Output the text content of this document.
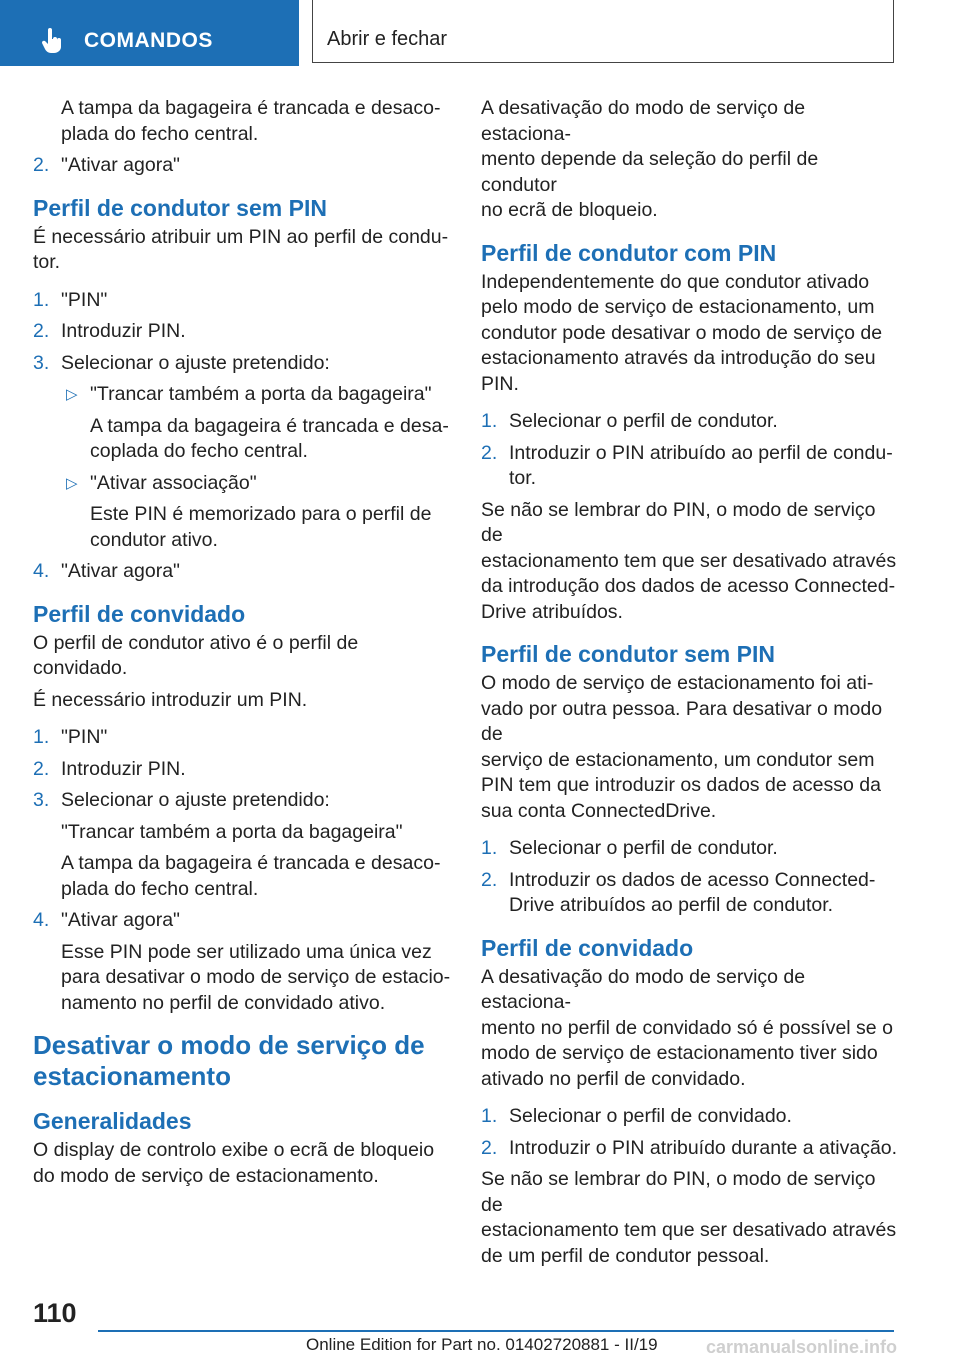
COMANDOS	Abrir e fechar

A tampa da bagageira é trancada e desaco‐

plada do fecho central.

2. "Ativar agora"
Perfil de condutor sem PIN

É necessário atribuir um PIN ao perfil de condu‐

tor.

1. "PIN"
2. Introduzir PIN.
3. Selecionar o ajuste pretendido:
▷ "Trancar também a porta da bagageira"

A tampa da bagageira é trancada e desa‐

coplada do fecho central.

▷ "Ativar associação"

Este PIN é memorizado para o perfil de

condutor ativo.

4. "Ativar agora"
Perfil de convidado

O perfil de condutor ativo é o perfil de convidado.

É necessário introduzir um PIN.

1. "PIN"
2. Introduzir PIN.
3. Selecionar o ajuste pretendido:

"Trancar também a porta da bagageira"

A tampa da bagageira é trancada e desaco‐

plada do fecho central.

4. "Ativar agora"

Esse PIN pode ser utilizado uma única vez

para desativar o modo de serviço de estacio‐

namento no perfil de convidado ativo.

Desativar o modo de serviço de
estacionamento
Generalidades

O display de controlo exibe o ecrã de bloqueio

do modo de serviço de estacionamento.

A desativação do modo de serviço de estaciona‐

mento depende da seleção do perfil de condutor

no ecrã de bloqueio.

Perfil de condutor com PIN

Independentemente do que condutor ativado

pelo modo de serviço de estacionamento, um

condutor pode desativar o modo de serviço de

estacionamento através da introdução do seu

PIN.

1. Selecionar o perfil de condutor.
2. Introduzir o PIN atribuído ao perfil de condu‐

tor.

Se não se lembrar do PIN, o modo de serviço de

estacionamento tem que ser desativado através

da introdução dos dados de acesso Connected‐

Drive atribuídos.

Perfil de condutor sem PIN

O modo de serviço de estacionamento foi ati‐

vado por outra pessoa. Para desativar o modo de

serviço de estacionamento, um condutor sem

PIN tem que introduzir os dados de acesso da

sua conta ConnectedDrive.

1. Selecionar o perfil de condutor.
2. Introduzir os dados de acesso Connected‐

Drive atribuídos ao perfil de condutor.

Perfil de convidado

A desativação do modo de serviço de estaciona‐

mento no perfil de convidado só é possível se o

modo de serviço de estacionamento tiver sido

ativado no perfil de convidado.

1. Selecionar o perfil de convidado.
2. Introduzir o PIN atribuído durante a ativação.

Se não se lembrar do PIN, o modo de serviço de

estacionamento tem que ser desativado através

de um perfil de condutor pessoal.

110
Online Edition for Part no. 01402720881 - II/19	carmanualsonline.info
